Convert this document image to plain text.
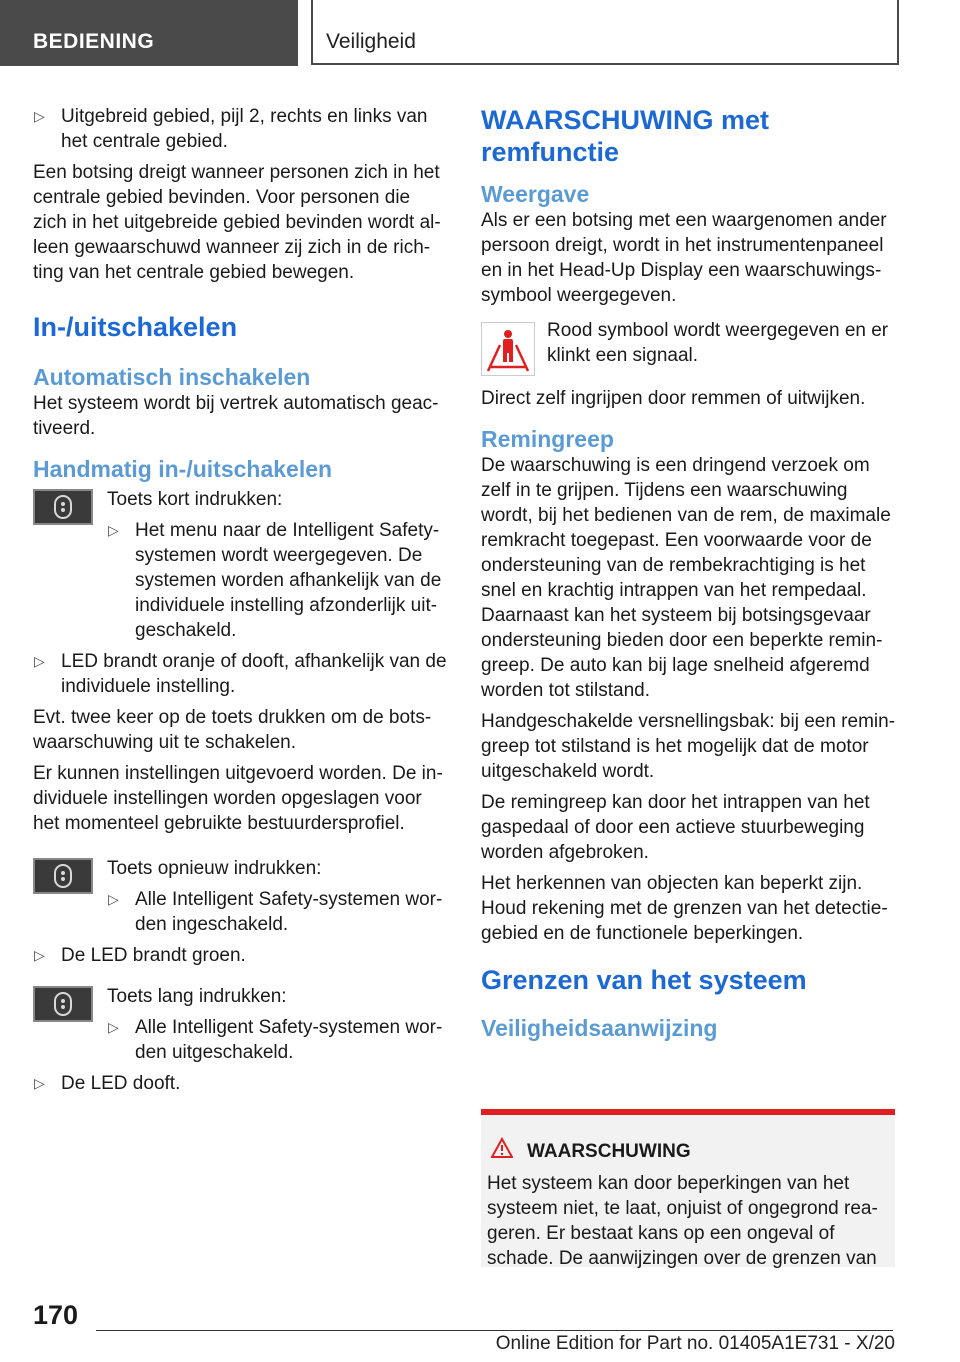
BEDIENING	Veiligheid
▷ Uitgebreid gebied, pijl 2, rechts en links van het centrale gebied.

Een botsing dreigt wanneer personen zich in het centrale gebied bevinden. Voor personen die zich in het uitgebreide gebied bevinden wordt alleen gewaarschuwd wanneer zij zich in de richting van het centrale gebied bewegen.

In-/uitschakelen
Automatisch inschakelen

Het systeem wordt bij vertrek automatisch geactiveerd.

Handmatig in-/uitschakelen

Toets kort indrukken:

▷ Het menu naar de Intelligent Safety-systemen wordt weergegeven. De systemen worden afhankelijk van de individuele instelling afzonderlijk uitgeschakeld.
▷ LED brandt oranje of dooft, afhankelijk van de individuele instelling.

Evt. twee keer op de toets drukken om de botswaarschuwing uit te schakelen.

Er kunnen instellingen uitgevoerd worden. De individuele instellingen worden opgeslagen voor het momenteel gebruikte bestuurdersprofiel.

Toets opnieuw indrukken:

▷ Alle Intelligent Safety-systemen worden ingeschakeld.
▷ De LED brandt groen.

Toets lang indrukken:

▷ Alle Intelligent Safety-systemen worden uitgeschakeld.
▷ De LED dooft.
WAARSCHUWING met remfunctie
Weergave

Als er een botsing met een waargenomen ander persoon dreigt, wordt in het instrumentenpaneel en in het Head-Up Display een waarschuwingssymbool weergegeven.

Rood symbool wordt weergegeven en er klinkt een signaal.

Direct zelf ingrijpen door remmen of uitwijken.

Remingreep

De waarschuwing is een dringend verzoek om zelf in te grijpen. Tijdens een waarschuwing wordt, bij het bedienen van de rem, de maximale remkracht toegepast. Een voorwaarde voor de ondersteuning van de rembekrachtiging is het snel en krachtig intrappen van het rempedaal. Daarnaast kan het systeem bij botsingsgevaar ondersteuning bieden door een beperkte remingreep. De auto kan bij lage snelheid afgeremd worden tot stilstand.

Handgeschakelde versnellingsbak: bij een remingreep tot stilstand is het mogelijk dat de motor uitgeschakeld wordt.

De remingreep kan door het intrappen van het gaspedaal of door een actieve stuurbeweging worden afgebroken.

Het herkennen van objecten kan beperkt zijn. Houd rekening met de grenzen van het detectiegebied en de functionele beperkingen.

Grenzen van het systeem
Veiligheidsaanwijzing
WAARSCHUWING
Het systeem kan door beperkingen van het systeem niet, te laat, onjuist of ongegrond reageren. Er bestaat kans op een ongeval of schade. De aanwijzingen over de grenzen van
170
Online Edition for Part no. 01405A1E731 - X/20
